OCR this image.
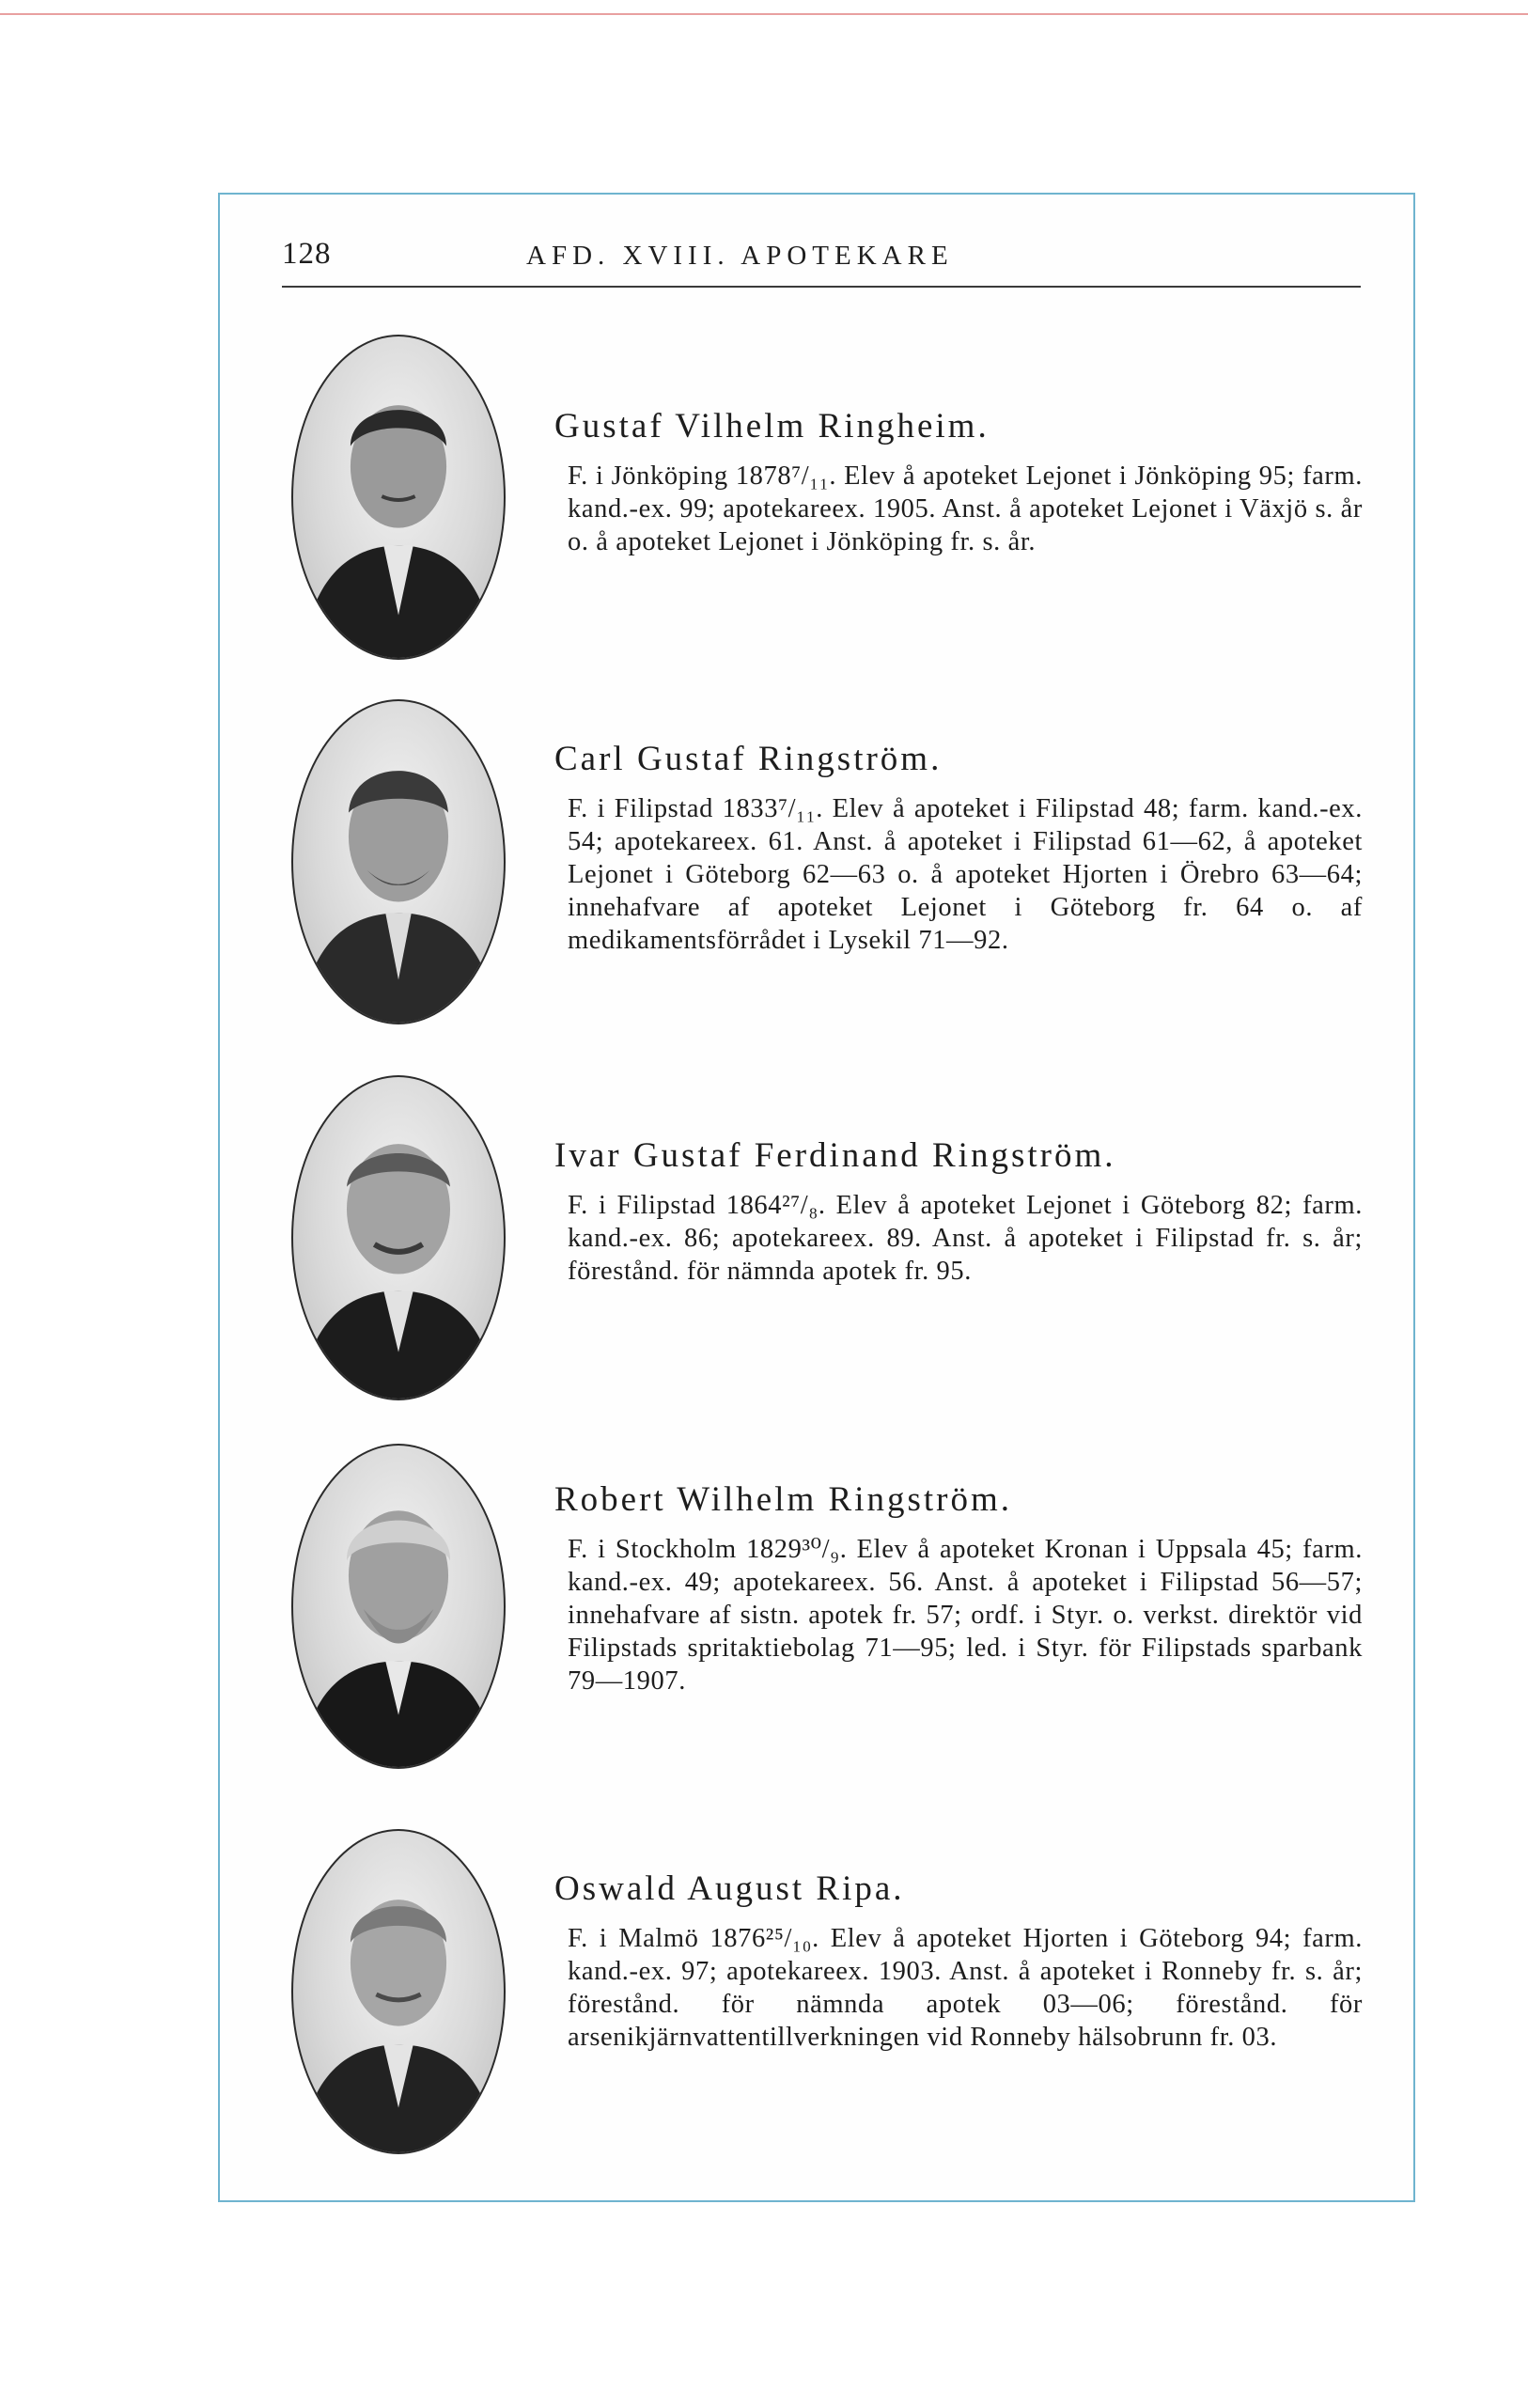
128	AFD. XVIII. APOTEKARE
Gustaf Vilhelm Ringheim.

F. i Jönköping 1878⁷/₁₁. Elev å apoteket Lejonet i Jönköping 95; farm. kand.-ex. 99; apotekareex. 1905. Anst. å apoteket Lejonet i Växjö s. år o. å apoteket Lejonet i Jönköping fr. s. år.

Carl Gustaf Ringström.

F. i Filipstad 1833⁷/₁₁. Elev å apoteket i Filipstad 48; farm. kand.-ex. 54; apotekareex. 61. Anst. å apoteket i Filipstad 61—62, å apoteket Lejonet i Göteborg 62—63 o. å apoteket Hjorten i Örebro 63—64; innehafvare af apoteket Lejonet i Göteborg fr. 64 o. af medikamentsförrådet i Lysekil 71—92.

Ivar Gustaf Ferdinand Ringström.

F. i Filipstad 1864²⁷/₈. Elev å apoteket Lejonet i Göteborg 82; farm. kand.-ex. 86; apotekareex. 89. Anst. å apoteket i Filipstad fr. s. år; förestånd. för nämnda apotek fr. 95.

Robert Wilhelm Ringström.

F. i Stockholm 1829³⁰/₉. Elev å apoteket Kronan i Uppsala 45; farm. kand.-ex. 49; apotekareex. 56. Anst. å apoteket i Filipstad 56—57; innehafvare af sistn. apotek fr. 57; ordf. i Styr. o. verkst. direktör vid Filipstads spritaktiebolag 71—95; led. i Styr. för Filipstads sparbank 79—1907.

Oswald August Ripa.

F. i Malmö 1876²⁵/₁₀. Elev å apoteket Hjorten i Göteborg 94; farm. kand.-ex. 97; apotekareex. 1903. Anst. å apoteket i Ronneby fr. s. år; förestånd. för nämnda apotek 03—06; förestånd. för arsenikjärnvattentillverkningen vid Ronneby hälsobrunn fr. 03.
